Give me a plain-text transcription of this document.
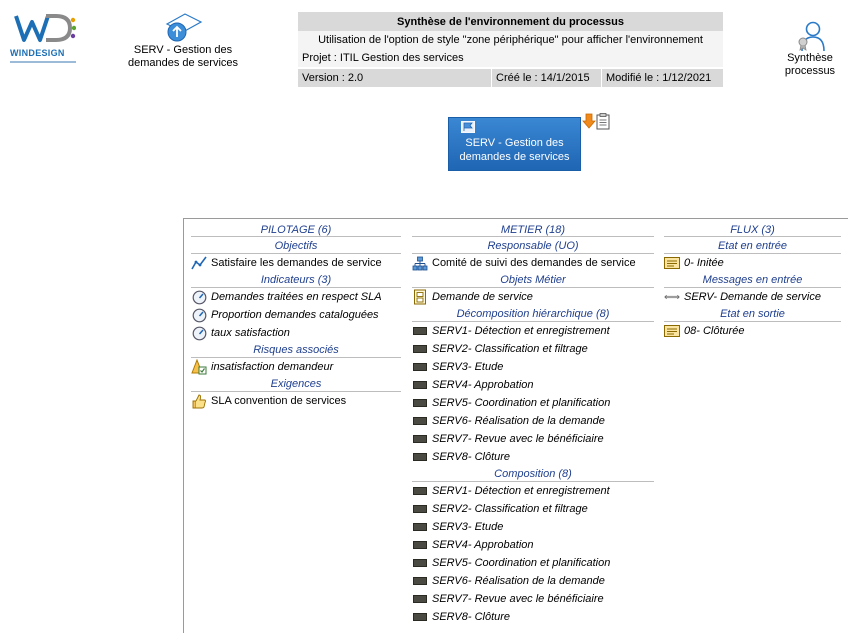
WINDESIGN	SERV - Gestion des demandes de services
Synthèse de l'environnement du processus
Utilisation de l'option de style "zone périphérique" pour afficher l'environnement
Projet : ITIL Gestion des services
Version : 2.0	Créé le : 14/1/2015	Modifié le : 1/12/2021
Synthèse processus
SERV - Gestion des demandes de services
PILOTAGE (6)
Objectifs
Satisfaire les demandes de service
Indicateurs (3)
Demandes traitées en respect SLA
Proportion demandes cataloguées
taux satisfaction
Risques associés
insatisfaction demandeur
Exigences
SLA convention de services
METIER (18)
Responsable (UO)
Comité de suivi des demandes de service
Objets Métier
Demande de service
Décomposition hiérarchique (8)
SERV1- Détection et enregistrement
SERV2- Classification et filtrage
SERV3- Etude
SERV4- Approbation
SERV5- Coordination et planification
SERV6- Réalisation de la demande
SERV7- Revue avec le bénéficiaire
SERV8- Clôture
Composition (8)
SERV1- Détection et enregistrement
SERV2- Classification et filtrage
SERV3- Etude
SERV4- Approbation
SERV5- Coordination et planification
SERV6- Réalisation de la demande
SERV7- Revue avec le bénéficiaire
SERV8- Clôture
FLUX (3)
Etat en entrée
0- Initée
Messages en entrée
SERV- Demande de service
Etat en sortie
08- Clôturée
